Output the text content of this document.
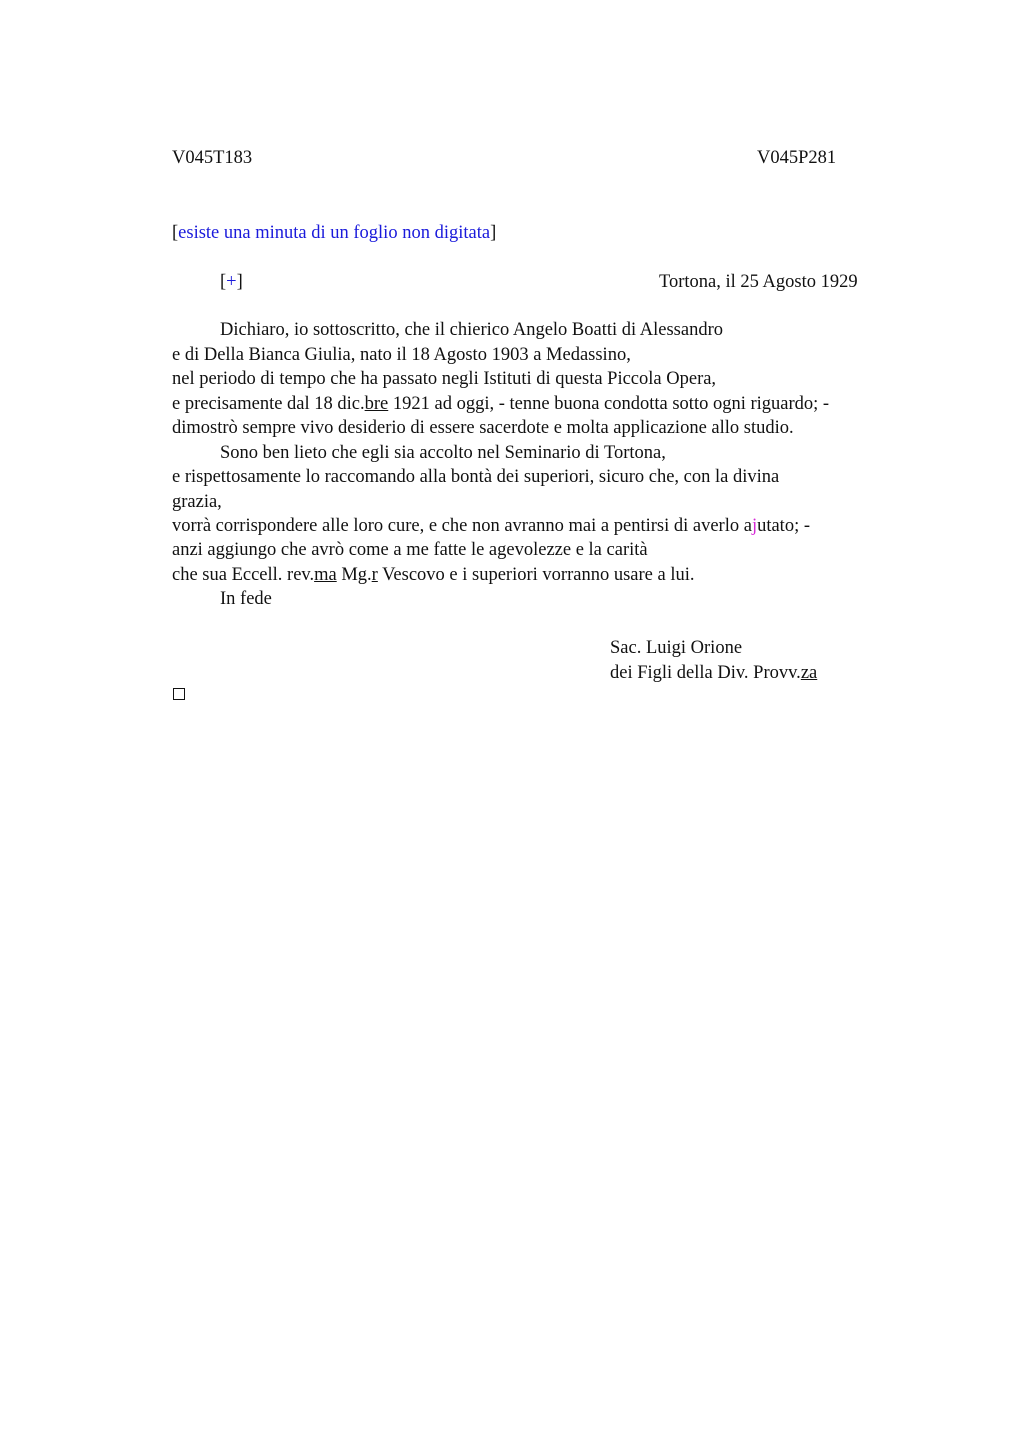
V045T183	V045P281
[esiste una minuta di un foglio non digitata]
[+]	Tortona, il 25 Agosto 1929
Dichiaro, io sottoscritto, che il chierico Angelo Boatti di Alessandro
e di Della Bianca Giulia, nato il 18 Agosto 1903 a Medassino,
nel periodo di tempo che ha passato negli Istituti di questa Piccola Opera,
e precisamente dal 18 dic.bre 1921 ad oggi, - tenne buona condotta sotto ogni riguardo; -
dimostrò sempre vivo desiderio di essere sacerdote e molta applicazione allo studio.
Sono ben lieto che egli sia accolto nel Seminario di Tortona,
e rispettosamente lo raccomando alla bontà dei superiori, sicuro che, con la divina
grazia,
vorrà corrispondere alle loro cure, e che non avranno mai a pentirsi di averlo ajutato; -
anzi aggiungo che avrò come a me fatte le agevolezze e la carità
che sua Eccell. rev.ma Mg.r Vescovo e i superiori vorranno usare a lui.
In fede
Sac. Luigi Orione
dei Figli della Div. Provv.za
